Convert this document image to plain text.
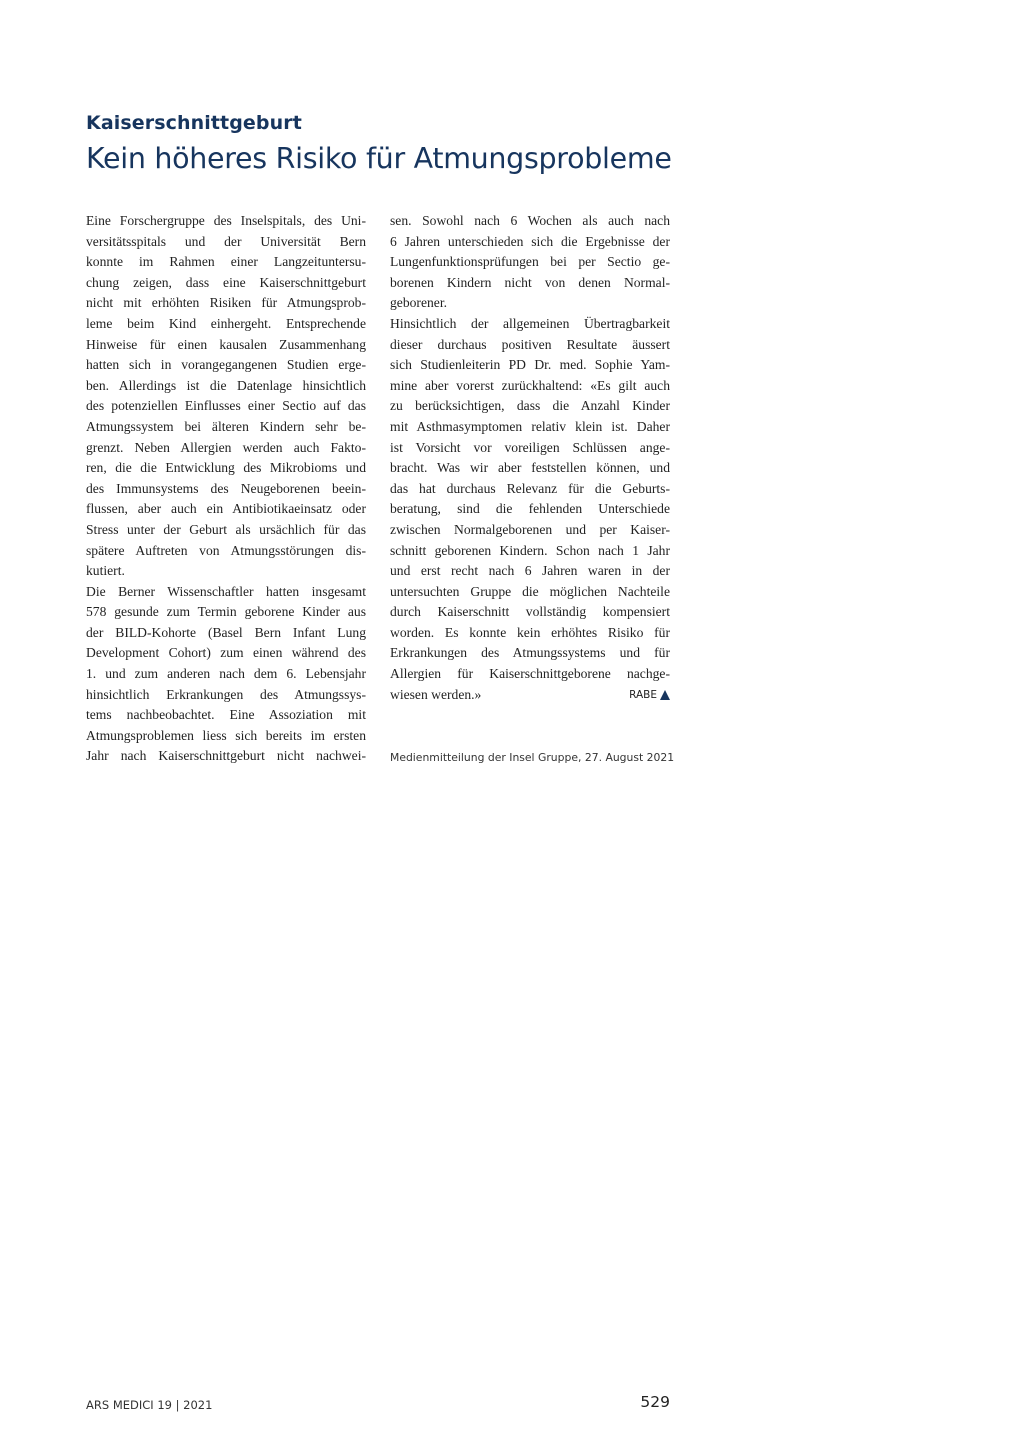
Kaiserschnittgeburt
Kein höheres Risiko für Atmungsprobleme
Eine Forschergruppe des Inselspitals, des Uni-
versitätsspitals und der Universität Bern
konnte im Rahmen einer Langzeituntersu-
chung zeigen, dass eine Kaiserschnittgeburt
nicht mit erhöhten Risiken für Atmungsprob-
leme beim Kind einhergeht. Entsprechende
Hinweise für einen kausalen Zusammenhang
hatten sich in vorangegangenen Studien erge-
ben. Allerdings ist die Datenlage hinsichtlich
des potenziellen Einflusses einer Sectio auf das
Atmungssystem bei älteren Kindern sehr be-
grenzt. Neben Allergien werden auch Fakto-
ren, die die Entwicklung des Mikrobioms und
des Immunsystems des Neugeborenen beein-
flussen, aber auch ein Antibiotikaeinsatz oder
Stress unter der Geburt als ursächlich für das
spätere Auftreten von Atmungsstörungen dis-
kutiert.
Die Berner Wissenschaftler hatten insgesamt
578 gesunde zum Termin geborene Kinder aus
der BILD-Kohorte (Basel Bern Infant Lung
Development Cohort) zum einen während des
1. und zum anderen nach dem 6. Lebensjahr
hinsichtlich Erkrankungen des Atmungssys-
tems nachbeobachtet. Eine Assoziation mit
Atmungsproblemen liess sich bereits im ersten
Jahr nach Kaiserschnittgeburt nicht nachwei-
sen. Sowohl nach 6 Wochen als auch nach
6 Jahren unterschieden sich die Ergebnisse der
Lungenfunktionsprüfungen bei per Sectio ge-
borenen Kindern nicht von denen Normal-
geborener.
Hinsichtlich der allgemeinen Übertragbarkeit
dieser durchaus positiven Resultate äussert
sich Studienleiterin PD Dr. med. Sophie Yam-
mine aber vorerst zurückhaltend: «Es gilt auch
zu berücksichtigen, dass die Anzahl Kinder
mit Asthmasymptomen relativ klein ist. Daher
ist Vorsicht vor voreiligen Schlüssen ange-
bracht. Was wir aber feststellen können, und
das hat durchaus Relevanz für die Geburts-
beratung, sind die fehlenden Unterschiede
zwischen Normalgeborenen und per Kaiser-
schnitt geborenen Kindern. Schon nach 1 Jahr
und erst recht nach 6 Jahren waren in der
untersuchten Gruppe die möglichen Nachteile
durch Kaiserschnitt vollständig kompensiert
worden. Es konnte kein erhöhtes Risiko für
Erkrankungen des Atmungssystems und für
Allergien für Kaiserschnittgeborene nachge-
wiesen werden.»	RABE
Medienmitteilung der Insel Gruppe, 27. August 2021
ARS MEDICI 19 | 2021	529
